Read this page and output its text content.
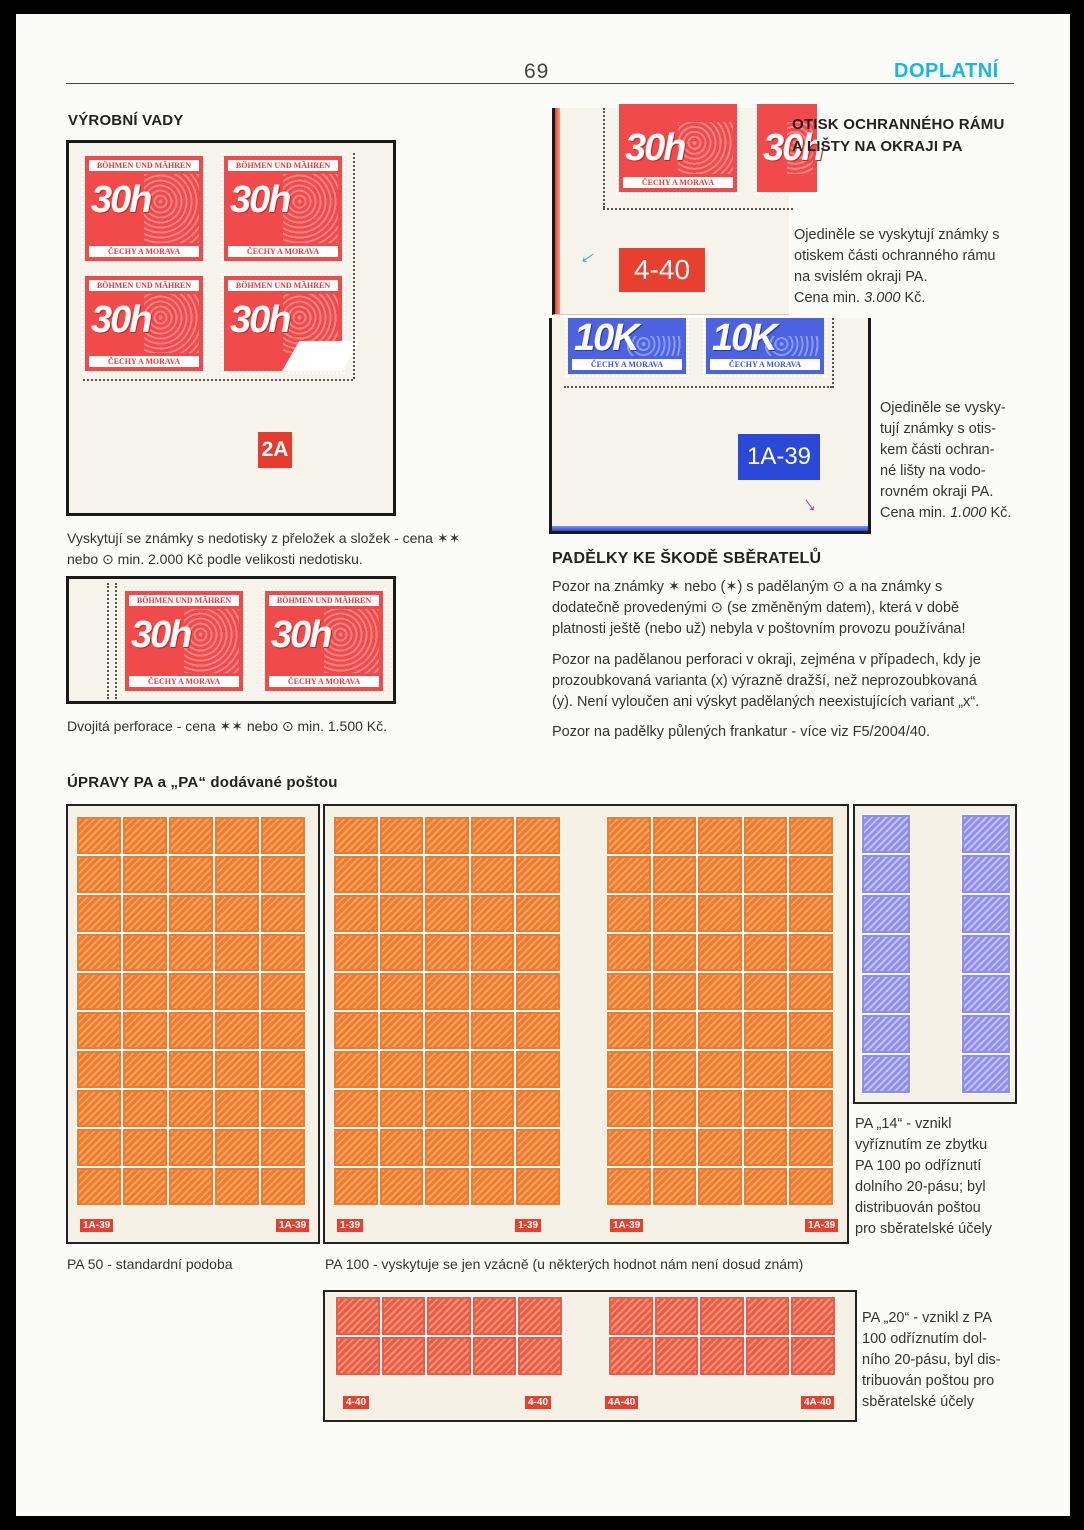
69	DOPLATNÍ
VÝROBNÍ VADY
BÖHMEN UND MÄHREN
30h
ČECHY A MORAVA
BÖHMEN UND MÄHREN
30h
ČECHY A MORAVA
BÖHMEN UND MÄHREN
30h
ČECHY A MORAVA
BÖHMEN UND MÄHREN
30h
2A

Vyskytují se známky s nedotisky z přeložek a složek - cena ✶✶ nebo ⊙ min. 2.000 Kč podle velikosti nedotisku.

BÖHMEN UND MÄHREN
30h
ČECHY A MORAVA
BÖHMEN UND MÄHREN
30h
ČECHY A MORAVA

Dvojitá perforace - cena ✶✶ nebo ⊙ min. 1.500 Kč.

30h
ČECHY A MORAVA
30h
←	4-40
OTISK OCHRANNÉHO RÁMU
A LIŠTY NA OKRAJI PA
Ojediněle se vyskytují známky s
otiskem části ochranného rámu
na svislém okraji PA.
Cena min. 3.000 Kč.
10K
ČECHY A MORAVA
10K
ČECHY A MORAVA
1A-39
←
Ojediněle se vysky-
tují známky s otis-
kem části ochran-
né lišty na vodo-
rovném okraji PA.
Cena min. 1.000 Kč.
PADĚLKY KE ŠKODĚ SBĚRATELŮ
Pozor na známky ✶ nebo (✶) s padělaným ⊙ a na známky s
dodatečně provedenými ⊙ (se změněným datem), která v době
platnosti ještě (nebo už) nebyla v poštovním provozu používána!
Pozor na padělanou perforaci v okraji, zejména v případech, kdy je
prozoubkovaná varianta (x) výrazně dražší, než neprozoubkovaná
(y). Není vyloučen ani výskyt padělaných neexistujících variant „x“.
Pozor na padělky půlených frankatur - více viz F5/2004/40.
ÚPRAVY PA a „PA“ dodávané poštou
1A-39	1A-39

PA 50 - standardní podoba

1-39	1-39	1A-39	1A-39

PA 100 - vyskytuje se jen vzácně (u některých hodnot nám není dosud znám)

PA „14“ - vznikl
vyříznutím ze zbytku
PA 100 po odříznutí
dolního 20-pásu; byl
distribuován poštou
pro sběratelské účely
4-40	4-40	4A-40	4A-40
PA „20“ - vznikl z PA
100 odříznutím dol-
ního 20-pásu, byl dis-
tribuován poštou pro
sběratelské účely
